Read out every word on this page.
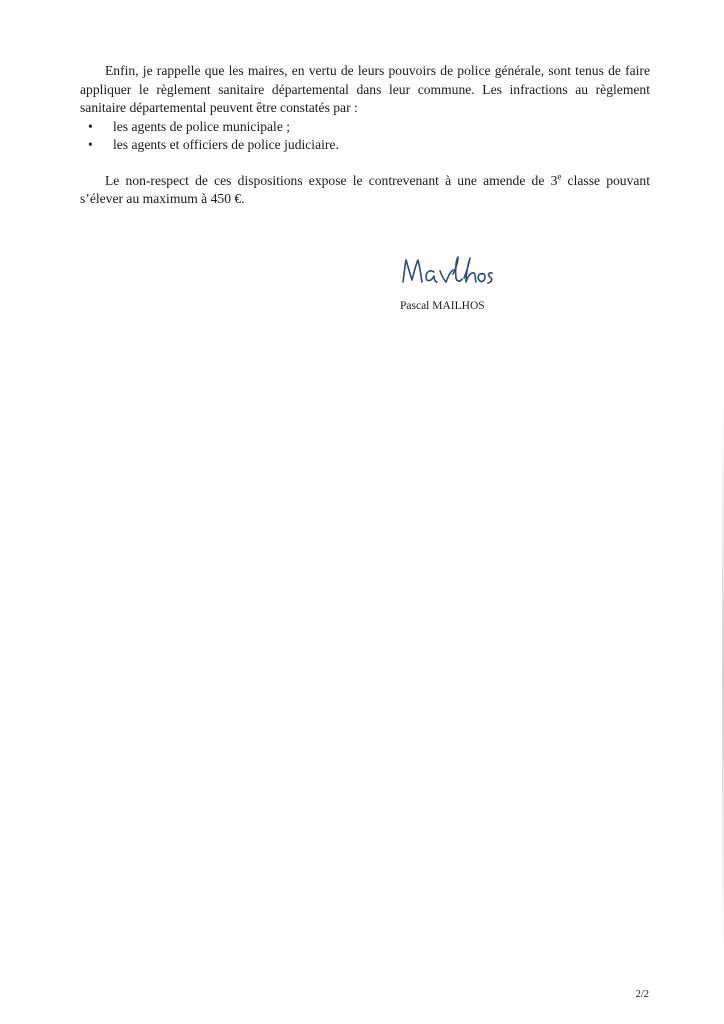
Enfin, je rappelle que les maires, en vertu de leurs pouvoirs de police générale, sont tenus de faire appliquer le règlement sanitaire départemental dans leur commune. Les infractions au règlement sanitaire départemental peuvent être constatés par :

• les agents de police municipale ;
• les agents et officiers de police judiciaire.

Le non-respect de ces dispositions expose le contrevenant à une amende de 3e classe pouvant s’élever au maximum à 450 €.

Pascal MAILHOS
2/2
